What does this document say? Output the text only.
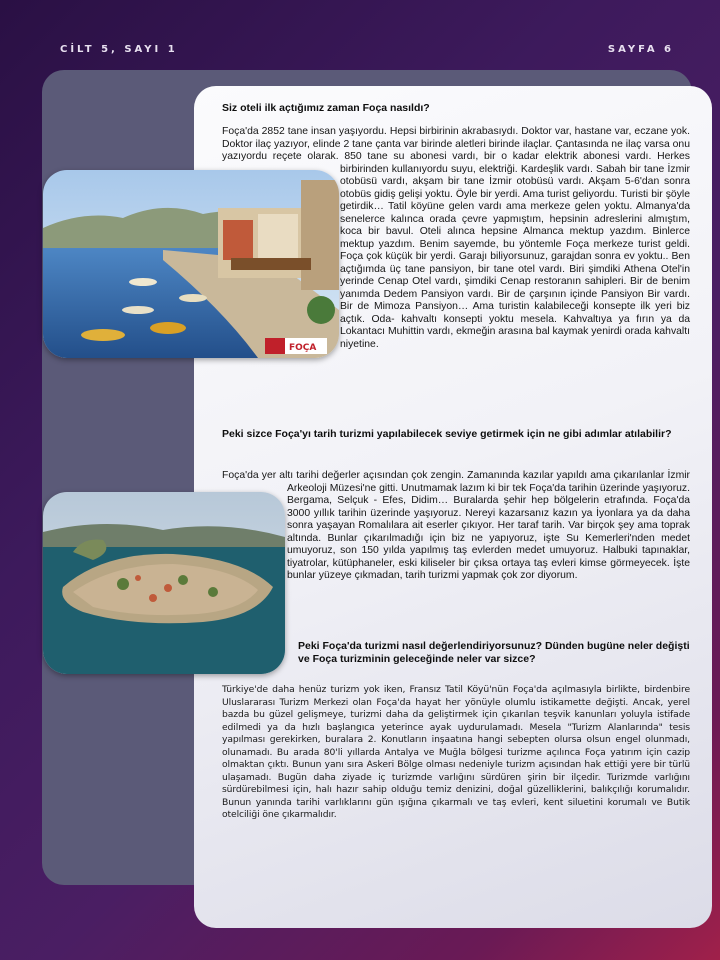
CİLT 5, SAYI 1	SAYFA 6
Siz oteli ilk açtığımız zaman Foça nasıldı?
Foça'da 2852 tane insan yaşıyordu. Hepsi birbirinin akrabasıydı. Doktor var, hastane var, eczane yok. Doktor ilaç yazıyor, elinde 2 tane çanta var birinde aletleri birinde ilaçlar. Çantasında ne ilaç varsa onu yazıyordu reçete olarak. 850 tane su abonesi vardı, bir o kadar elektrik abonesi vardı. Herkes birbirinden kullanıyordu suyu, elektriği. Kardeşlik vardı. Sabah bir tane İzmir otobüsü vardı, akşam bir tane İzmir otobüsü vardı. Akşam 5-6'dan sonra otobüs gidiş gelişi yoktu. Öyle bir yerdi. Ama turist geliyordu. Turisti bir şöyle getirdik… Tatil köyüne gelen vardı ama merkeze gelen yoktu. Almanya'da senelerce kalınca orada çevre yapmıştım, hepsinin adreslerini almıştım, koca bir bavul. Oteli alınca hepsine Almanca mektup yazdım. Binlerce mektup yazdım. Benim sayemde, bu yöntemle Foça merkeze turist geldi. Foça çok küçük bir yerdi. Garajı biliyorsunuz, garajdan sonra ev yoktu.. Ben açtığımda üç tane pansiyon, bir tane otel vardı. Biri şimdiki Athena Otel'in yerinde Cenap Otel vardı, şimdiki Cenap restoranın sahipleri. Bir de benim yanımda Dedem Pansiyon vardı. Bir de çarşının içinde Pansiyon Bir vardı. Bir de Mimoza Pansiyon… Ama turistin kalabileceği konsepte ilk yeri biz açtık. Oda- kahvaltı konsepti yoktu mesela. Kahvaltıya ya fırın ya da Lokantacı Muhittin vardı, ekmeğin arasına bal kaymak yenirdi orada kahvaltı niyetine.
FOÇA
Peki sizce Foça'yı tarih turizmi yapılabilecek seviye getirmek için ne gibi adımlar atılabilir?
Foça'da yer altı tarihi değerler açısından çok zengin. Zamanında kazılar yapıldı ama çıkarılanlar İzmir Arkeoloji Müzesi'ne gitti. Unutmamak lazım ki bir tek Foça'da tarihin üzerinde yaşıyoruz. Bergama, Selçuk - Efes, Didim… Buralarda şehir hep bölgelerin etrafında. Foça'da 3000 yıllık tarihin üzerinde yaşıyoruz. Nereyi kazarsanız kazın ya İyonlara ya da daha sonra yaşayan Romalılara ait eserler çıkıyor. Her taraf tarih. Var birçok şey ama toprak altında. Bunlar çıkarılmadığı için biz ne yapıyoruz, işte Su Kemerleri'nden medet umuyoruz, son 150 yılda yapılmış taş evlerden medet umuyoruz. Halbuki tapınaklar, tiyatrolar, kütüphaneler, eski kiliseler bir çıksa ortaya taş evleri kimse görmeyecek. İşte bunlar yüzeye çıkmadan, tarih turizmi yapmak çok zor diyorum.
Peki Foça'da turizmi nasıl değerlendiriyorsunuz? Dünden bugüne neler değişti ve Foça turizminin geleceğinde neler var sizce?
Türkiye'de daha henüz turizm yok iken, Fransız Tatil Köyü'nün Foça'da açılmasıyla birlikte, birdenbire Uluslararası Turizm Merkezi olan Foça'da hayat her yönüyle olumlu istikamette değişti. Ancak, yerel bazda bu güzel gelişmeye, turizmi daha da geliştirmek için çıkarılan teşvik kanunları yoluyla istifade edilmedi ya da hızlı başlangıca yeterince ayak uydurulamadı. Mesela "Turizm Alanlarında" tesis yapılması gerekirken, buralara 2. Konutların inşaatına hangi sebepten olursa olsun engel olunmadı, olunamadı. Bu arada 80'li yıllarda Antalya ve Muğla bölgesi turizme açılınca Foça yatırım için cazip olmaktan çıktı. Bunun yanı sıra Askeri Bölge olması nedeniyle turizm açısından hak ettiği yere bir türlü ulaşamadı. Bugün daha ziyade iç turizmde varlığını sürdüren şirin bir ilçedir. Turizmde varlığını sürdürebilmesi için, halı hazır sahip olduğu temiz denizini, doğal güzelliklerini, balıkçılığı korumalıdır. Bunun yanında tarihi varlıklarını gün ışığına çıkarmalı ve taş evleri, kent siluetini korumalı ve Butik otelciliği öne çıkarmalıdır.
